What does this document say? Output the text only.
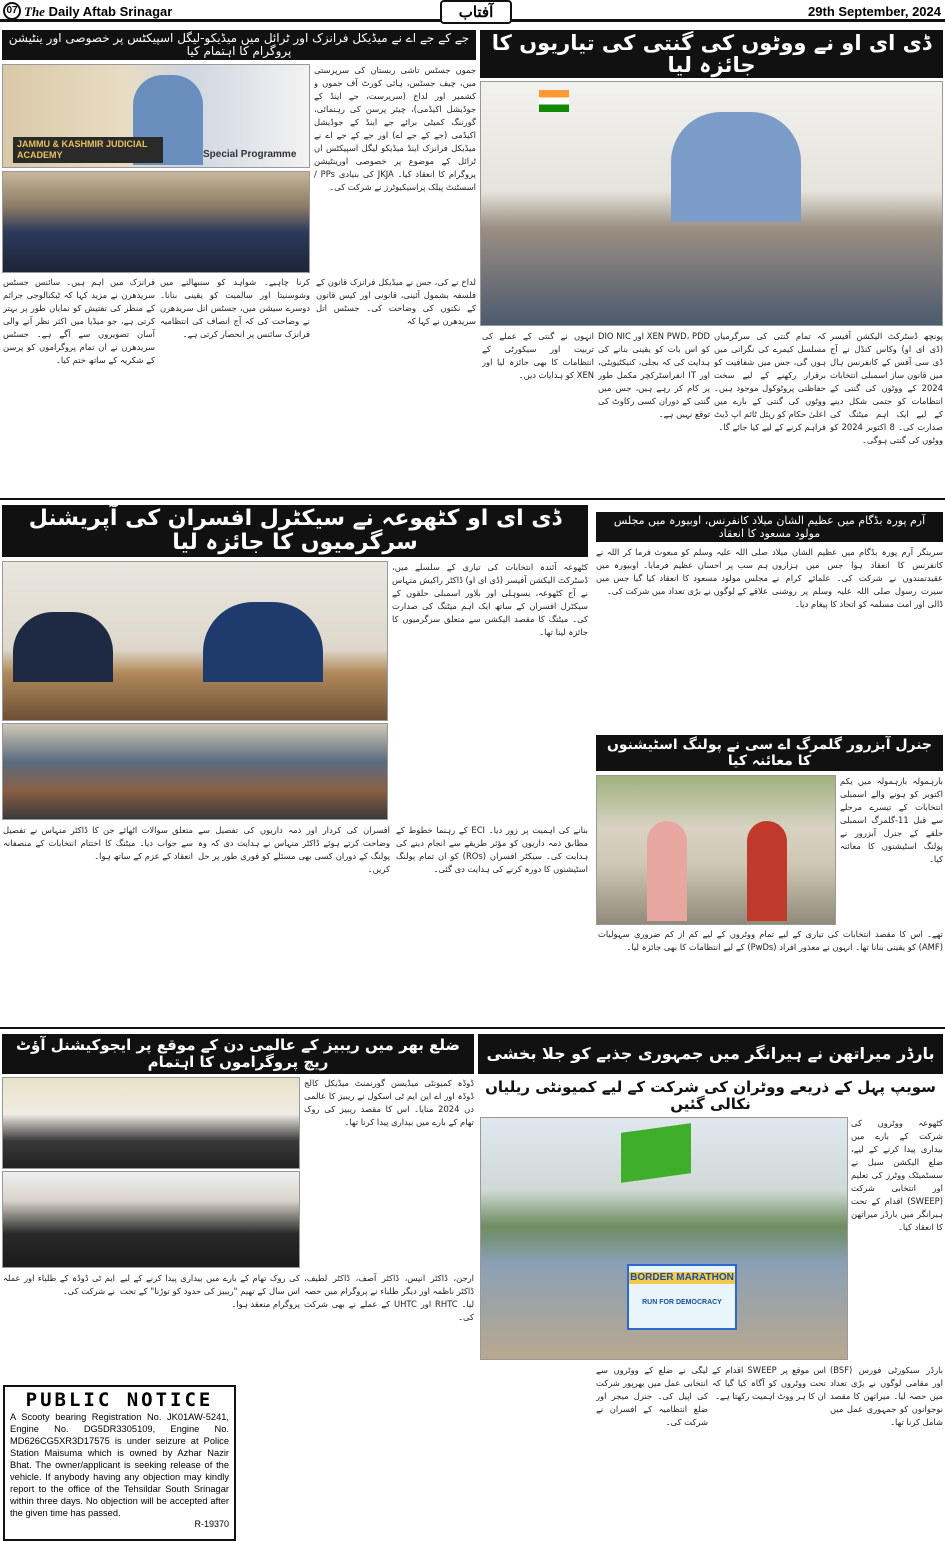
07 The Daily Aftab Srinagar	آفتاب	29th September, 2024
جے کے جے اے نے میڈیکل فرانزک اور ٹرائل میں میڈیکو-لیگل اسپیکٹس پر خصوصی اور ینٹیشن پروگرام کا اہتمام کیا
JAMMU & KASHMIR JUDICIAL ACADEMY	Special Programme
جموں جسٹس تاشی ربستان کی سرپرستی میں، چیف جسٹس، ہائی کورٹ آف جموں و کشمیر اور لداخ (سرپرست، جے اینڈ کے جوڈیشل اکیڈمی)، چیئر پرسن کی رہنمائی، گورننگ کمیٹی برائے جے اینڈ کے جوڈیشل اکیڈمی (جے کے جے اے) اور جے کے جے اے نے میڈیکل فرانزک اینڈ میڈیکو لیگل اسپیکٹس ان ٹرائل کے موضوع پر خصوصی اورینٹیشن پروگرام کا انعقاد کیا۔ JKJA کی بنیادی PPs / اسسٹنٹ پبلک پراسیکیوٹرز نے شرکت کی۔
لداخ نے کی، جس نے میڈیکل فرانزک قانون کے فلسفہ بشمول آئینی، قانونی اور کیس قانون کے نکتوں کی وضاحت کی۔ جسٹس اتل سریدھرن نے کہا کہ
کرنا چاہیے۔ شواہد کو سنبھالنے میں وشوسنیتا اور سالمیت کو یقینی بنانا۔ دوسرے سیشن میں، جسٹس اتل سریدھرن نے وضاحت کی کہ آج انصاف کی انتظامیہ فرانزک سائنس پر انحصار کرتی ہے۔
فرانزک میں اہم ہیں۔ سائنس جسٹس سریدھرن نے مزید کہا کہ ٹیکنالوجی جرائم کے منظر کی تفتیش کو نمایاں طور پر بہتر کرتی ہے، جو میڈیا میں اکثر نظر آنے والی آسان تصویروں سے آگے ہے۔ جسٹس سریدھرن نے ان تمام پروگراموں کو پرسن کے شکریہ کے ساتھ ختم کیا۔
ڈی ای او نے ووٹوں کی گنتی کی تیاریوں کا جائزہ لیا
پونچھ ڈسٹرکٹ الیکشن آفیسر (ڈی ای او) وکاس کنڈل نے آج ڈی سی آفس کے کانفرنس ہال میں قانون ساز اسمبلی انتخابات 2024 کے ووٹوں کی گنتی کے انتظامات کو حتمی شکل دینے کے لیے ایک اہم میٹنگ کی صدارت کی۔ 8 اکتوبر 2024 کو ووٹوں کی گنتی ہوگی۔
کہ تمام گنتی کی سرگرمیاں مسلسل کیمرے کی نگرانی میں ہوں گی، جس میں شفافیت کو برقرار رکھنے کے لیے سخت حفاظتی پروٹوکول موجود ہیں۔ ووٹوں کی گنتی کے بارے میں اعلیٰ حکام کو ریئل ٹائم اپ ڈیٹ فراہم کرنے کے لیے کیا جائے گا۔
XEN PWD، PDD اور DIO NIC کو اس بات کو یقینی بنانے کی ہدایت کی کہ بجلی، کنیکٹیویٹی، اور IT انفراسٹرکچر مکمل طور پر کام کر رہے ہیں، جس میں گنتی کے دوران کسی رکاوٹ کی توقع نہیں ہے۔
انہوں نے گنتی کے عملے کی تربیت اور سیکورٹی کے انتظامات کا بھی جائزہ لیا اور XEN کو ہدایات دیں۔
ڈی ای او کٹھوعہ نے سیکٹرل افسران کی آپریشنل سرگرمیوں کا جائزہ لیا
کٹھوعہ آئندہ انتخابات کی تیاری کے سلسلے میں، ڈسٹرکٹ الیکشن آفیسر (ڈی ای او) ڈاکٹر راکیش منہاس نے آج کٹھوعہ، بسوہلی اور بلاور اسمبلی حلقوں کے سیکٹرل افسران کے ساتھ ایک اہم میٹنگ کی صدارت کی۔ میٹنگ کا مقصد الیکشن سے متعلق سرگرمیوں کا جائزہ لینا تھا۔
بنانے کی اہمیت پر زور دیا۔ ECI کے رہنما خطوط کے مطابق ذمہ داریوں کو مؤثر طریقے سے انجام دینے کی ہدایت کی۔ سیکٹر افسران (ROs) کو ان تمام پولنگ اسٹیشنوں کا دورہ کرنے کی ہدایت دی گئی۔
افسران کی کردار اور ذمہ داریوں کی تفصیل سے وضاحت کرتے ہوئے ڈاکٹر منہاس نے ہدایت دی کہ وہ پولنگ کے دوران کسی بھی مسئلے کو فوری طور پر حل کریں۔
متعلق سوالات اٹھائے جن کا ڈاکٹر منہاس نے تفصیل سے جواب دیا۔ میٹنگ کا اختتام انتخابات کے منصفانہ انعقاد کے عزم کے ساتھ ہوا۔
آرم پورہ بڈگام میں عظیم الشان میلاد کانفرنس، اوبیورہ میں مجلس مولود مسعود کا انعقاد
سرینگر آرم پورہ بڈگام میں عظیم الشان میلاد کانفرنس کا انعقاد ہوا جس میں ہزاروں عقیدتمندوں نے شرکت کی۔ علمائے کرام نے سیرت رسول صلی اللہ علیہ وسلم پر روشنی ڈالی اور امت مسلمہ کو اتحاد کا پیغام دیا۔
صلی اللہ علیہ وسلم کو مبعوث فرما کر اللہ نے ہم سب پر احسان عظیم فرمایا۔ اوبیورہ میں مجلس مولود مسعود کا انعقاد کیا گیا جس میں علاقے کے لوگوں نے بڑی تعداد میں شرکت کی۔
جنرل آبزرور گلمرگ اے سی نے پولنگ اسٹیشنوں کا معائنہ کیا
بارہمولہ بارہمولہ میں یکم اکتوبر کو ہونے والے اسمبلی انتخابات کے تیسرے مرحلے سے قبل 11-گلمرگ اسمبلی حلقے کے جنرل آبزرور نے پولنگ اسٹیشنوں کا معائنہ کیا۔
تھے۔ اس کا مقصد انتخابات کی تیاری کے لیے تمام ووٹروں کے لیے کم از کم ضروری سہولیات (AMF) کو یقینی بنانا تھا۔ انہوں نے معذور افراد (PwDs) کے لیے انتظامات کا بھی جائزہ لیا۔
ضلع بھر میں ریبیز کے عالمی دن کے موقع پر ایجوکیشنل آؤٹ ریچ پروگراموں کا اہتمام
ڈوڈہ کمیونٹی میڈیسن گورنمنٹ میڈیکل کالج ڈوڈہ اور اے این ایم ٹی اسکول نے ریبیز کا عالمی دن 2024 منایا۔ اس کا مقصد ریبیز کی روک تھام کے بارے میں بیداری پیدا کرنا تھا۔
ارجن، ڈاکٹر انیس، ڈاکٹر آصف، ڈاکٹر لطیف، ڈاکٹر ناظمہ اور دیگر طلباء نے پروگرام میں حصہ لیا۔ RHTC اور UHTC کے عملے نے بھی شرکت کی۔
کی روک تھام کے بارے میں بیداری پیدا کرنے کے لیے اس سال کے تھیم "ریبیز کی حدود کو توڑنا" کے تحت پروگرام منعقد ہوا۔
ایم ٹی ڈوڈہ کے طلباء اور عملہ نے شرکت کی۔
PUBLIC NOTICE

A Scooty bearing Registration No. JK01AW-5241, Engine No. DG5DR3305109, Engine No. MD626CG5XR3D17575 is under seizure at Police Station Maisuma which is owned by Azhar Nazir Bhat. The owner/applicant is seeking release of the vehicle. If anybody having any objection may kindly report to the office of the Tehsildar South Srinagar within three days. No objection will be accepted after the given time has passed.

R-19370
بارڈر میراتھن نے ہیرانگر میں جمہوری جذبے کو جلا بخشی
سویپ پہل کے ذریعے ووٹران کی شرکت کے لیے کمیونٹی ریلیاں نکالی گئیں
BORDER MARATHON
RUN FOR DEMOCRACY
کٹھوعہ ووٹروں کی شرکت کے بارے میں بیداری پیدا کرنے کے لیے، ضلع الیکشن سیل نے سسٹمیٹک ووٹرز کی تعلیم اور انتخابی شرکت (SWEEP) اقدام کے تحت ہیرانگر میں بارڈر میراتھن کا انعقاد کیا۔
بارڈر سیکورٹی فورس (BSF) اور مقامی لوگوں نے بڑی تعداد میں حصہ لیا۔ میراتھن کا مقصد نوجوانوں کو جمہوری عمل میں شامل کرنا تھا۔
اس موقع پر SWEEP اقدام کے تحت ووٹروں کو آگاہ کیا گیا کہ ان کا ہر ووٹ اہمیت رکھتا ہے۔
لیگی نے ضلع کے ووٹروں سے انتخابی عمل میں بھرپور شرکت کی اپیل کی۔ جنرل میجر اور ضلع انتظامیہ کے افسران نے شرکت کی۔
